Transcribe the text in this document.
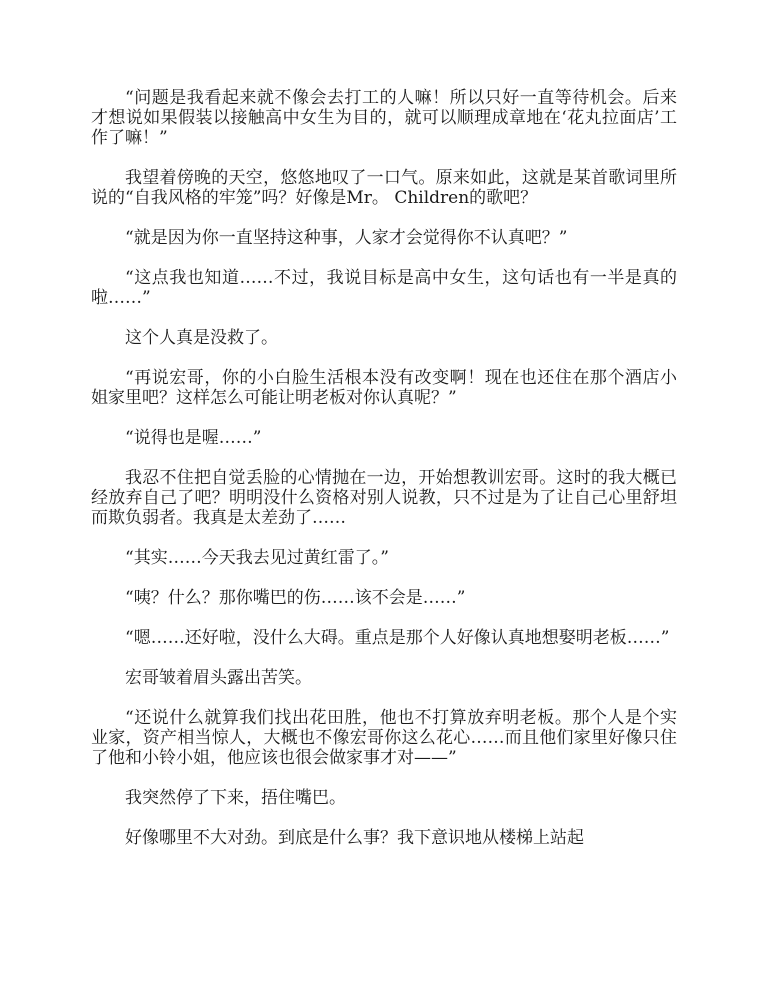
“问题是我看起来就不像会去打工的人嘛！所以只好一直等待机会。后来才想说如果假装以接触高中女生为目的，就可以顺理成章地在‘花丸拉面店’工作了嘛！”

我望着傍晚的天空，悠悠地叹了一口气。原来如此，这就是某首歌词里所说的“自我风格的牢笼”吗？好像是Mr。 Children的歌吧？

“就是因为你一直坚持这种事，人家才会觉得你不认真吧？”

“这点我也知道……不过，我说目标是高中女生，这句话也有一半是真的啦……”

这个人真是没救了。

“再说宏哥，你的小白脸生活根本没有改变啊！现在也还住在那个酒店小姐家里吧？这样怎么可能让明老板对你认真呢？”

“说得也是喔……”

我忍不住把自觉丢脸的心情抛在一边，开始想教训宏哥。这时的我大概已经放弃自己了吧？明明没什么资格对别人说教，只不过是为了让自己心里舒坦而欺负弱者。我真是太差劲了……

“其实……今天我去见过黄红雷了。”

“咦？什么？那你嘴巴的伤……该不会是……”

“嗯……还好啦，没什么大碍。重点是那个人好像认真地想娶明老板……”

宏哥皱着眉头露出苦笑。

“还说什么就算我们找出花田胜，他也不打算放弃明老板。那个人是个实业家，资产相当惊人，大概也不像宏哥你这么花心……而且他们家里好像只住了他和小铃小姐，他应该也很会做家事才对——”

我突然停了下来，捂住嘴巴。

好像哪里不大对劲。到底是什么事？我下意识地从楼梯上站起
